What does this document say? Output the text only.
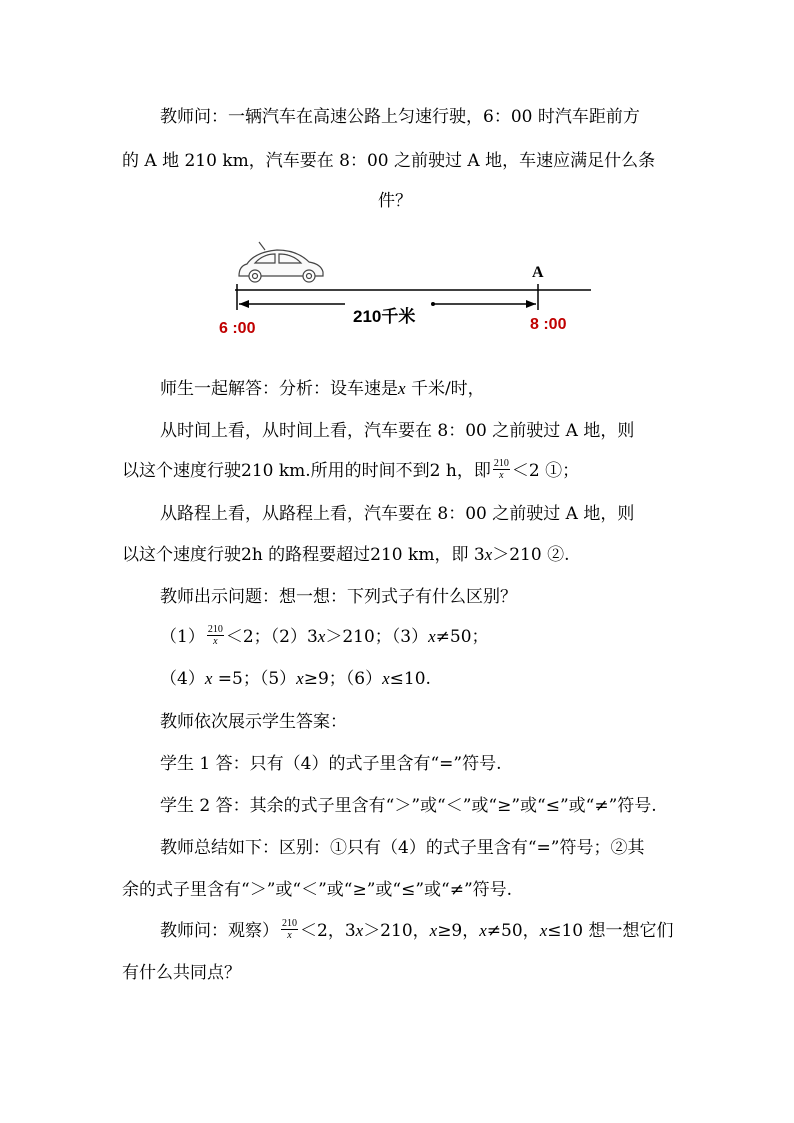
教师问：一辆汽车在高速公路上匀速行驶，6：00 时汽车距前方
的 A 地 210 km，汽车要在 8：00 之前驶过 A 地，车速应满足什么条
件？
A
210千米
6 :00	8 :00
师生一起解答：分析：设车速是x 千米/时，
从时间上看，从时间上看，汽车要在 8：00 之前驶过 A 地，则
以这个速度行驶210 km.所用的时间不到2 h，即 $\frac{210}{x} <2$ ①；
从路程上看，从路程上看，汽车要在 8：00 之前驶过 A 地，则
以这个速度行驶2h 的路程要超过210 km，即 3x＞210 ②.
教师出示问题：想一想：下列式子有什么区别？
$(1) \frac{210}{x} <2$；（2）3x＞210；（3）x≠50；
（4）x =5；（5）x≥9；（6）x≤10.
教师依次展示学生答案：
学生 1 答：只有（4）的式子里含有“=”符号.
学生 2 答：其余的式子里含有“＞”或“＜”或“≥”或“≤”或“≠”符号.
教师总结如下：区别：①只有（4）的式子里含有“=”符号；②其
余的式子里含有“＞”或“＜”或“≥”或“≤”或“≠”符号.
教师问：观察） $\frac{210}{x} <2$，3x＞210，x≥9，x≠50，x≤10 想一想它们
有什么共同点？
